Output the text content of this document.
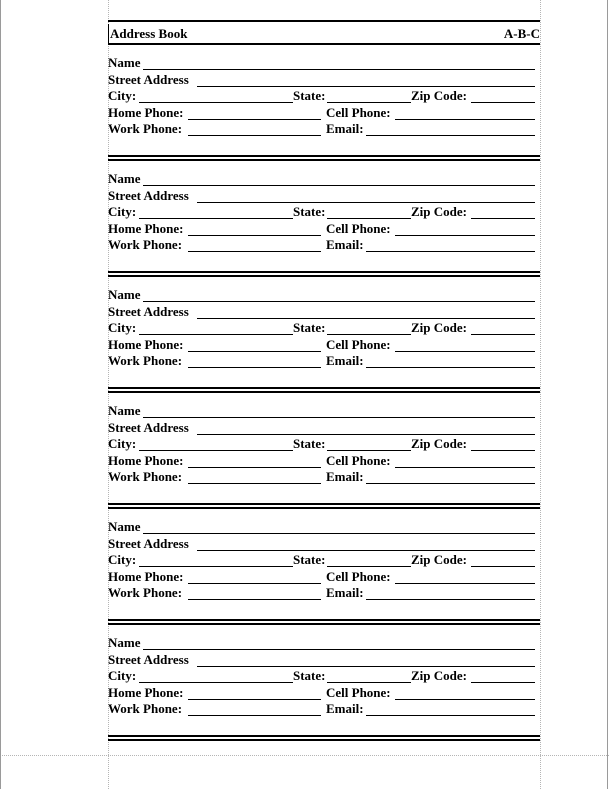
Address Book	A-B-C
Name
Street Address
City:	State:	Zip Code:
Home Phone:	Cell Phone:
Work Phone:	Email:
Name
Street Address
City:	State:	Zip Code:
Home Phone:	Cell Phone:
Work Phone:	Email:
Name
Street Address
City:	State:	Zip Code:
Home Phone:	Cell Phone:
Work Phone:	Email:
Name
Street Address
City:	State:	Zip Code:
Home Phone:	Cell Phone:
Work Phone:	Email:
Name
Street Address
City:	State:	Zip Code:
Home Phone:	Cell Phone:
Work Phone:	Email:
Name
Street Address
City:	State:	Zip Code:
Home Phone:	Cell Phone:
Work Phone:	Email:
